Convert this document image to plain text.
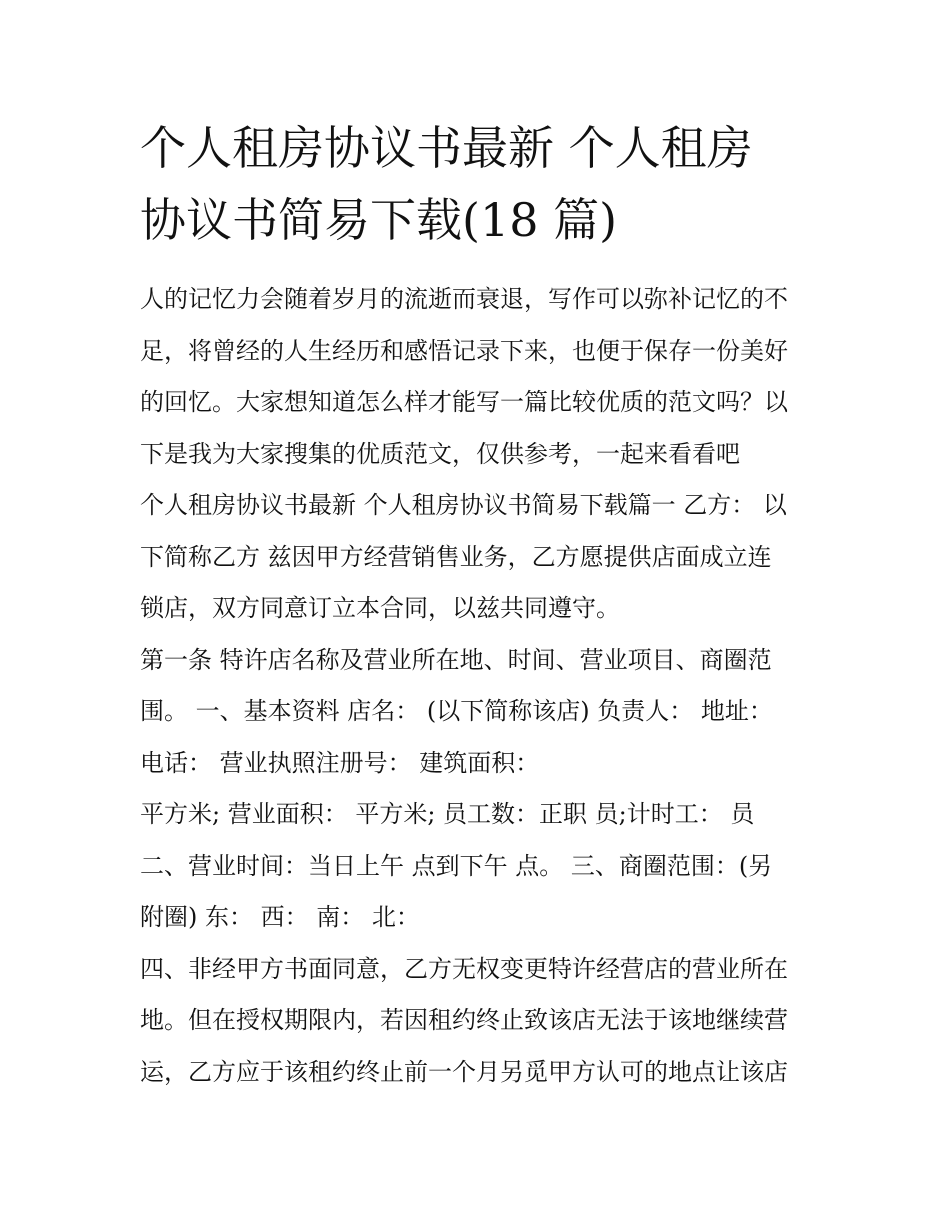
个人租房协议书最新 个人租房
协议书简易下载(18 篇)

人的记忆力会随着岁月的流逝而衰退，写作可以弥补记忆的不
足，将曾经的人生经历和感悟记录下来，也便于保存一份美好
的回忆。大家想知道怎么样才能写一篇比较优质的范文吗？以
下是我为大家搜集的优质范文，仅供参考，一起来看看吧

个人租房协议书最新 个人租房协议书简易下载篇一 乙方： 以
下简称乙方 兹因甲方经营销售业务，乙方愿提供店面成立连
锁店，双方同意订立本合同，以兹共同遵守。

第一条 特许店名称及营业所在地、时间、营业项目、商圈范
围。 一、基本资料 店名： (以下简称该店) 负责人： 地址：
电话： 营业执照注册号： 建筑面积：

平方米; 营业面积： 平方米; 员工数：正职 员;计时工： 员
二、营业时间：当日上午 点到下午 点。 三、商圈范围：(另
附圈) 东： 西： 南： 北：

四、非经甲方书面同意，乙方无权变更特许经营店的营业所在
地。但在授权期限内，若因租约终止致该店无法于该地继续营
运，乙方应于该租约终止前一个月另觅甲方认可的地点让该店
